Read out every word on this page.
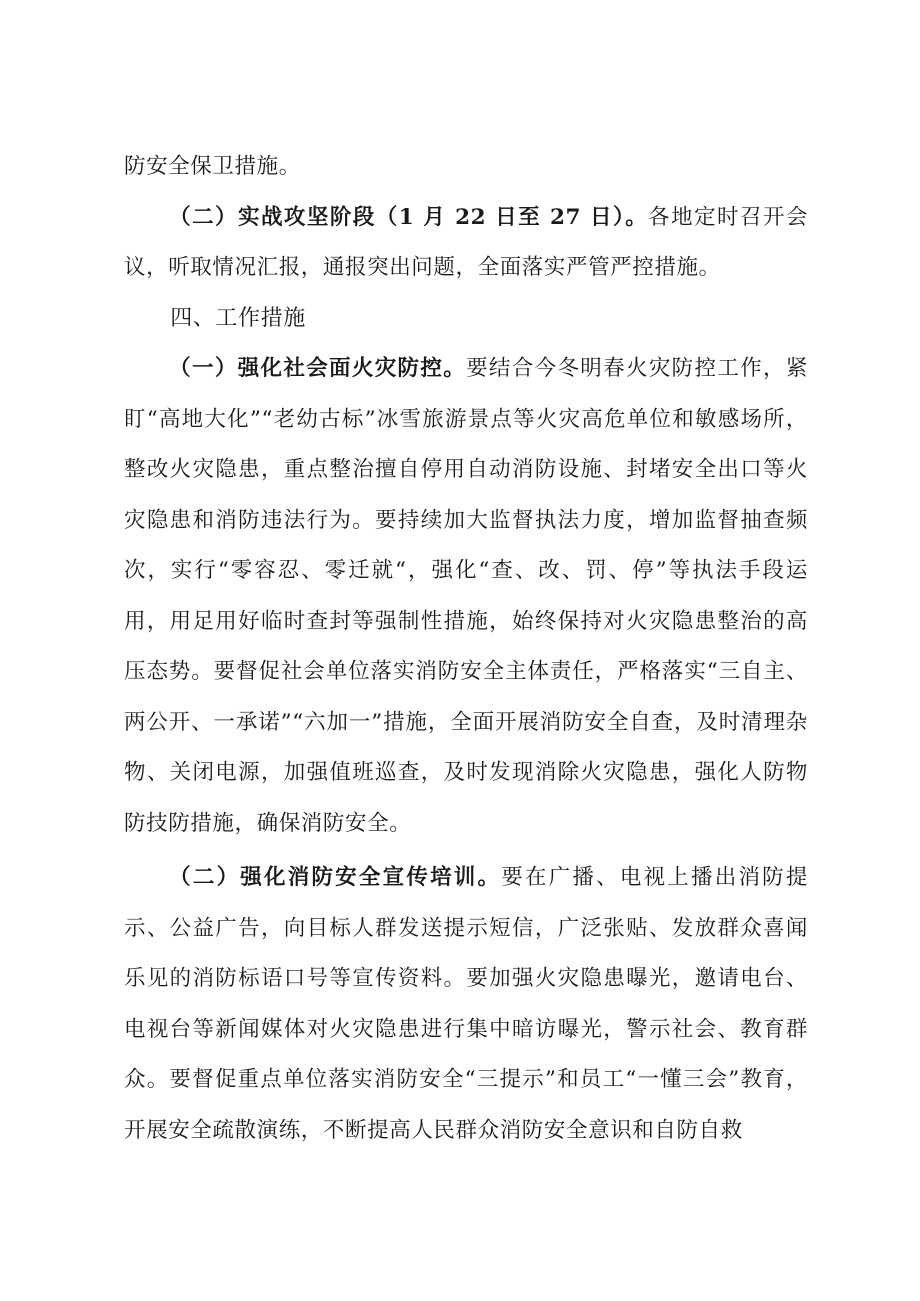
防安全保卫措施。

（二）实战攻坚阶段（1 月 22 日至 27 日）。各地定时召开会议，听取情况汇报，通报突出问题，全面落实严管严控措施。

四、工作措施

（一）强化社会面火灾防控。要结合今冬明春火灾防控工作，紧盯“高地大化”“老幼古标”冰雪旅游景点等火灾高危单位和敏感场所，整改火灾隐患，重点整治擅自停用自动消防设施、封堵安全出口等火灾隐患和消防违法行为。要持续加大监督执法力度，增加监督抽查频次，实行“零容忍、零迁就“，强化“查、改、罚、停”等执法手段运用，用足用好临时查封等强制性措施，始终保持对火灾隐患整治的高压态势。要督促社会单位落实消防安全主体责任，严格落实“三自主、两公开、一承诺”“六加一”措施，全面开展消防安全自查，及时清理杂物、关闭电源，加强值班巡查，及时发现消除火灾隐患，强化人防物防技防措施，确保消防安全。

（二）强化消防安全宣传培训。要在广播、电视上播出消防提示、公益广告，向目标人群发送提示短信，广泛张贴、发放群众喜闻乐见的消防标语口号等宣传资料。要加强火灾隐患曝光，邀请电台、电视台等新闻媒体对火灾隐患进行集中暗访曝光，警示社会、教育群众。要督促重点单位落实消防安全“三提示”和员工“一懂三会”教育，开展安全疏散演练，不断提高人民群众消防安全意识和自防自救
